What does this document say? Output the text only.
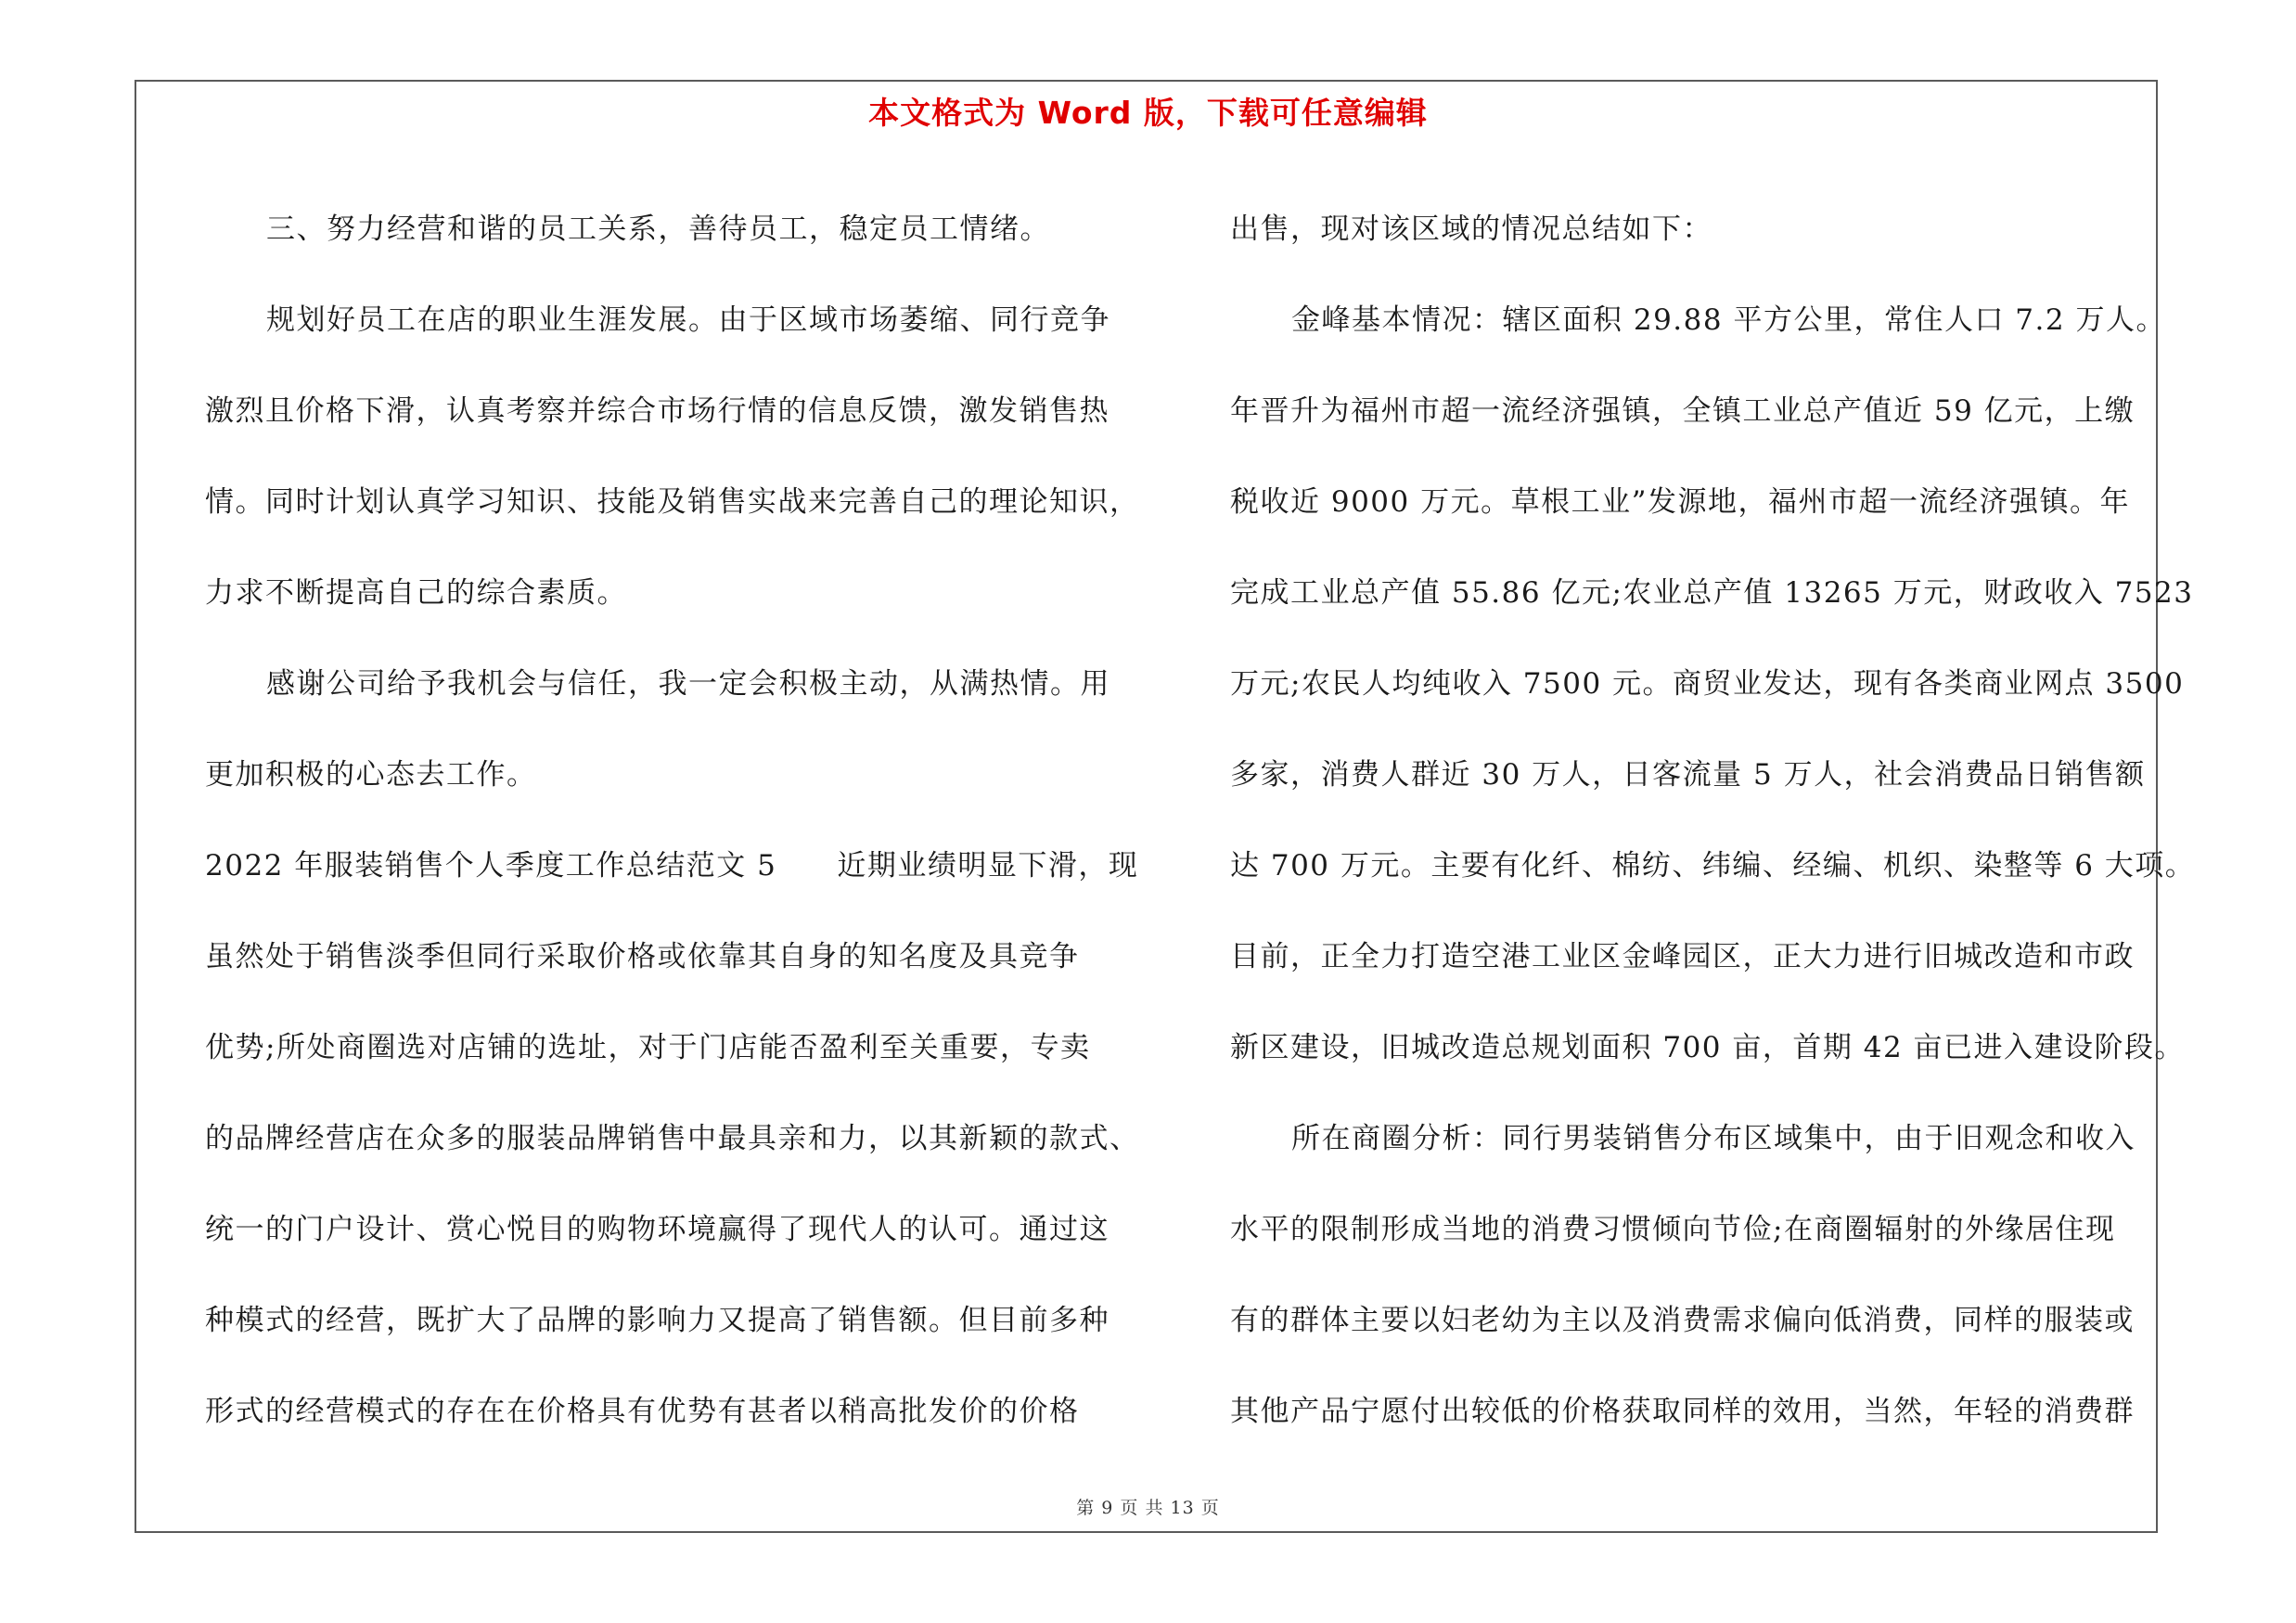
本文格式为 Word 版，下载可任意编辑
三、努力经营和谐的员工关系，善待员工，稳定员工情绪。
规划好员工在店的职业生涯发展。由于区域市场萎缩、同行竞争
激烈且价格下滑，认真考察并综合市场行情的信息反馈，激发销售热
情。同时计划认真学习知识、技能及销售实战来完善自己的理论知识，
力求不断提高自己的综合素质。
感谢公司给予我机会与信任，我一定会积极主动，从满热情。用
更加积极的心态去工作。
2022 年服装销售个人季度工作总结范文 5　　近期业绩明显下滑，现
虽然处于销售淡季但同行采取价格或依靠其自身的知名度及具竞争
优势;所处商圈选对店铺的选址，对于门店能否盈利至关重要，专卖
的品牌经营店在众多的服装品牌销售中最具亲和力，以其新颖的款式、
统一的门户设计、赏心悦目的购物环境赢得了现代人的认可。通过这
种模式的经营，既扩大了品牌的影响力又提高了销售额。但目前多种
形式的经营模式的存在在价格具有优势有甚者以稍高批发价的价格
出售，现对该区域的情况总结如下：
金峰基本情况：辖区面积 29.88 平方公里，常住人口 7.2 万人。
年晋升为福州市超一流经济强镇，全镇工业总产值近 59 亿元，上缴
税收近 9000 万元。草根工业”发源地，福州市超一流经济强镇。年
完成工业总产值 55.86 亿元;农业总产值 13265 万元，财政收入 7523
万元;农民人均纯收入 7500 元。商贸业发达，现有各类商业网点 3500
多家，消费人群近 30 万人，日客流量 5 万人，社会消费品日销售额
达 700 万元。主要有化纤、棉纺、纬编、经编、机织、染整等 6 大项。
目前，正全力打造空港工业区金峰园区，正大力进行旧城改造和市政
新区建设，旧城改造总规划面积 700 亩，首期 42 亩已进入建设阶段。
所在商圈分析：同行男装销售分布区域集中，由于旧观念和收入
水平的限制形成当地的消费习惯倾向节俭;在商圈辐射的外缘居住现
有的群体主要以妇老幼为主以及消费需求偏向低消费，同样的服装或
其他产品宁愿付出较低的价格获取同样的效用，当然，年轻的消费群
第 9 页 共 13 页
